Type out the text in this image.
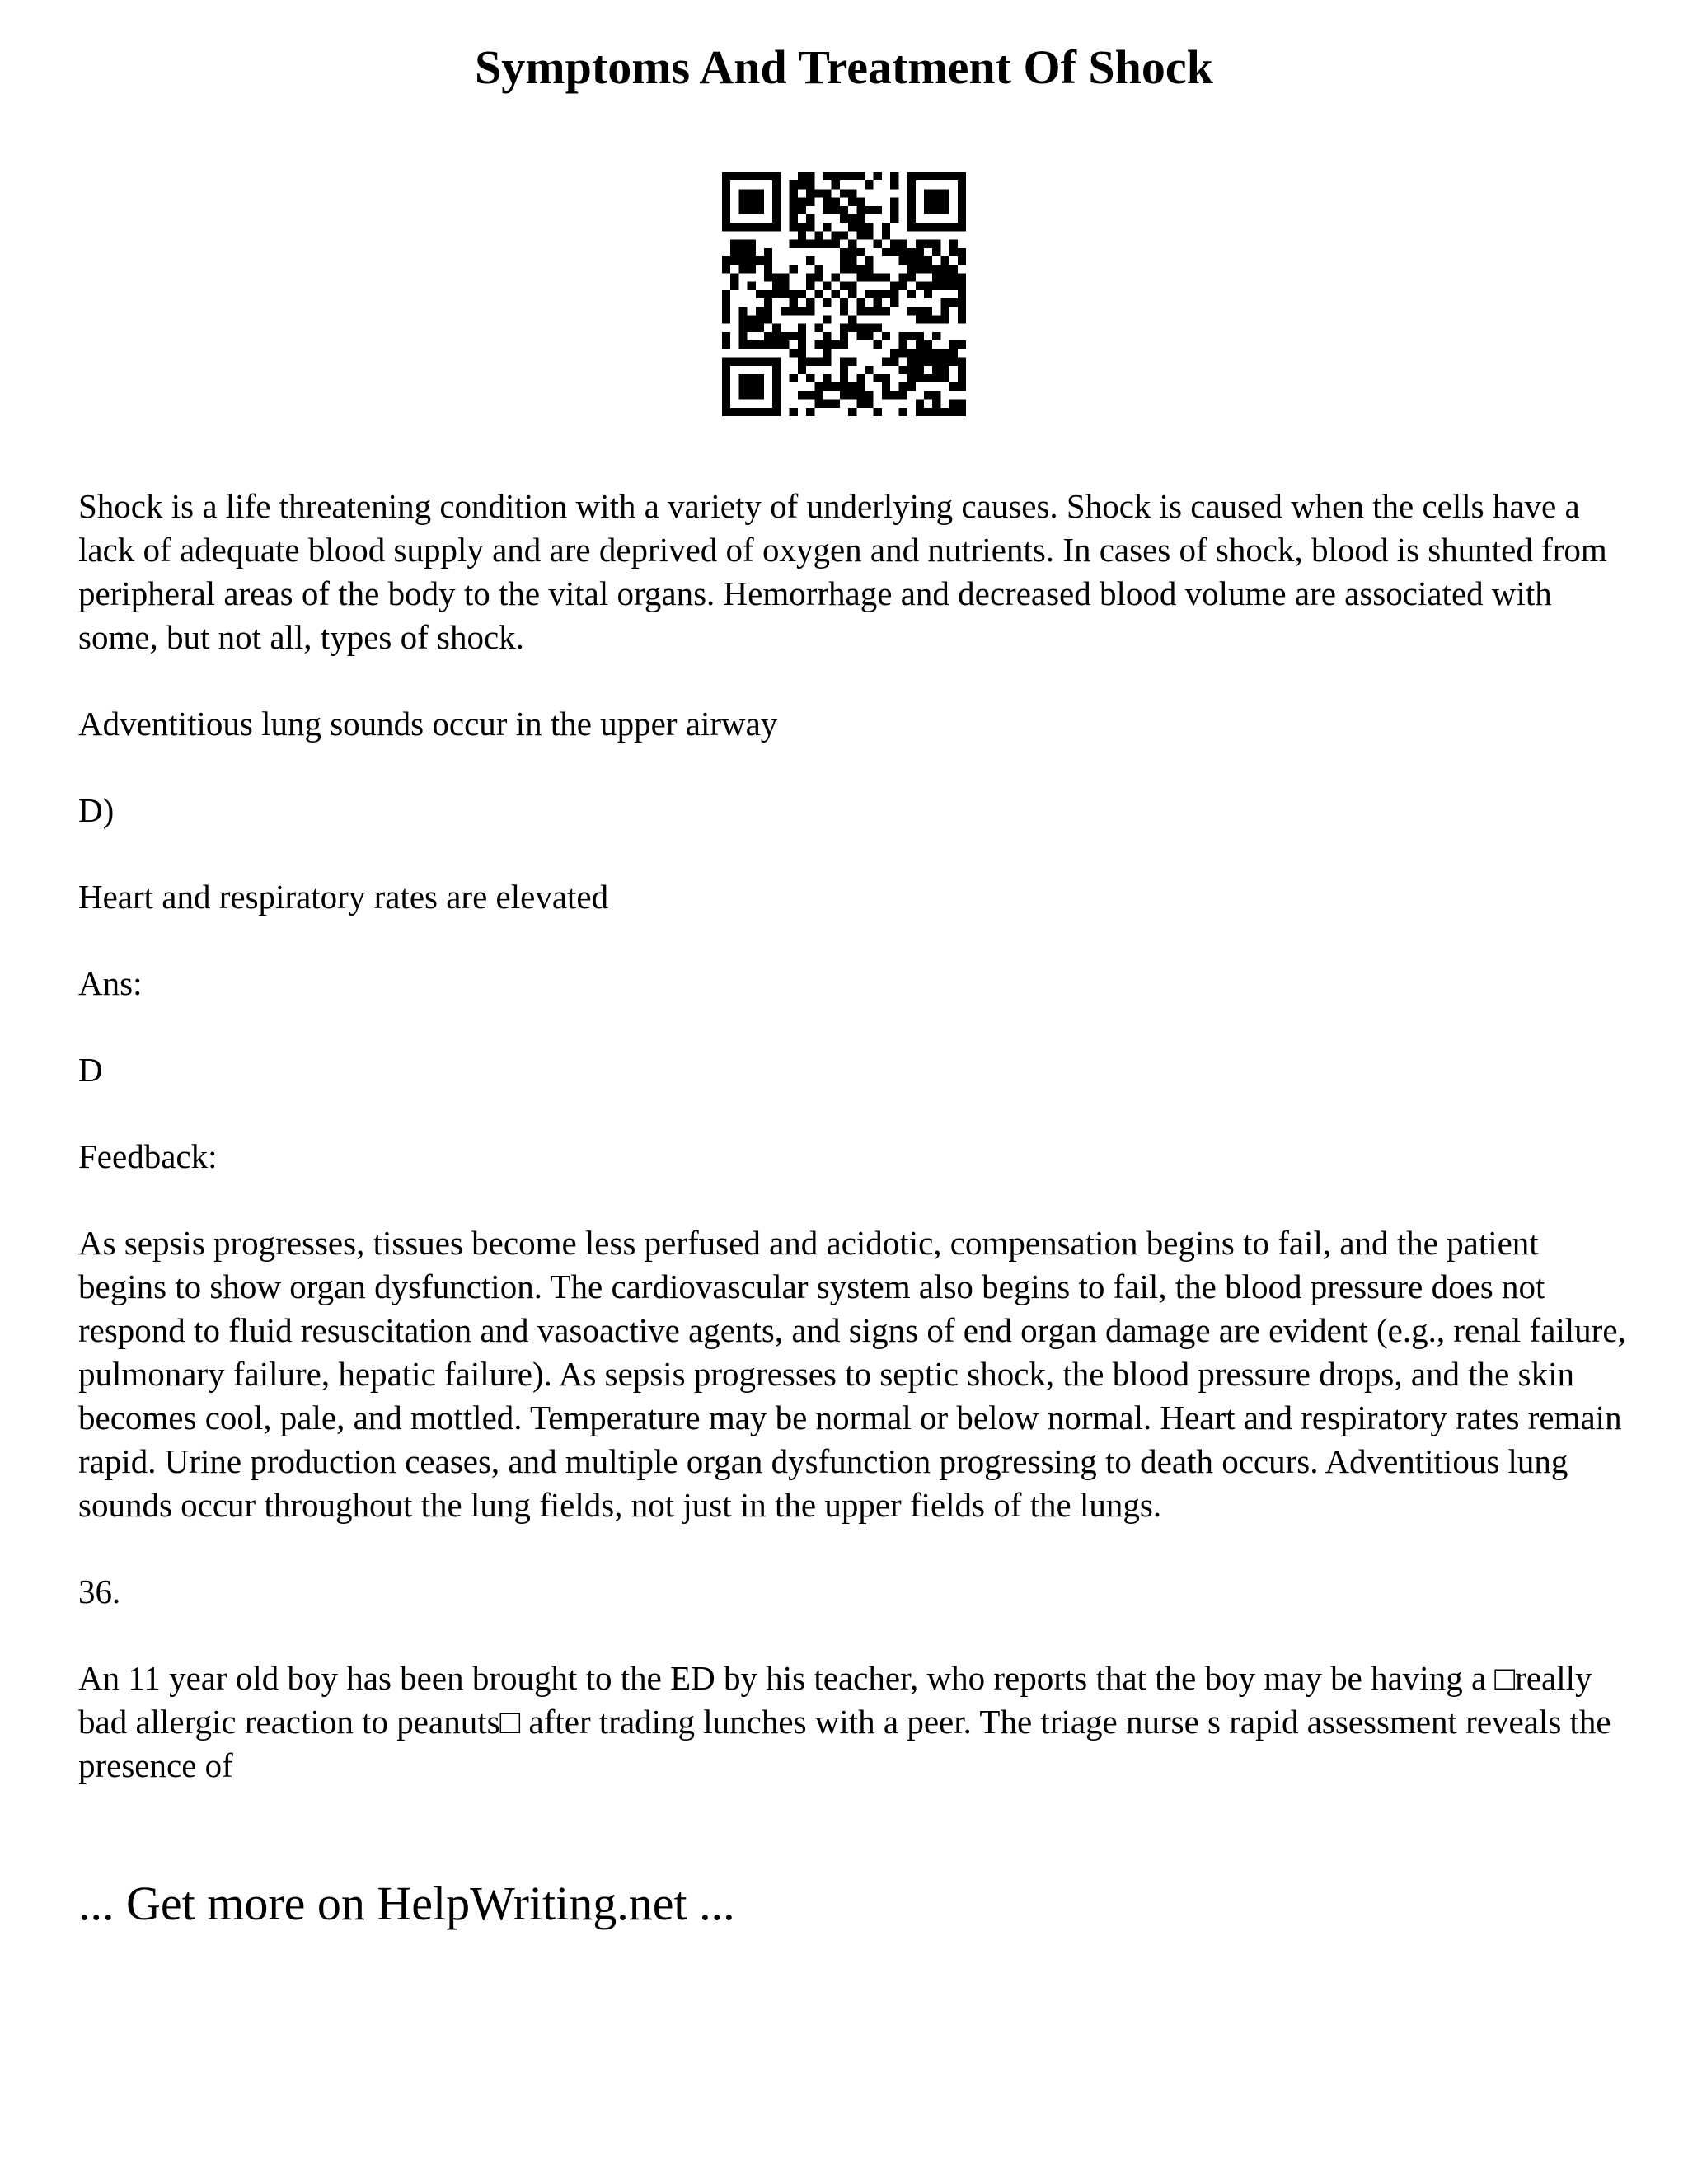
Symptoms And Treatment Of Shock

Shock is a life threatening condition with a variety of underlying causes. Shock is caused when the cells have a lack of adequate blood supply and are deprived of oxygen and nutrients. In cases of shock, blood is shunted from peripheral areas of the body to the vital organs. Hemorrhage and decreased blood volume are associated with some, but not all, types of shock.

Adventitious lung sounds occur in the upper airway

D)

Heart and respiratory rates are elevated

Ans:

D

Feedback:

As sepsis progresses, tissues become less perfused and acidotic, compensation begins to fail, and the patient begins to show organ dysfunction. The cardiovascular system also begins to fail, the blood pressure does not respond to fluid resuscitation and vasoactive agents, and signs of end organ damage are evident (e.g., renal failure, pulmonary failure, hepatic failure). As sepsis progresses to septic shock, the blood pressure drops, and the skin becomes cool, pale, and mottled. Temperature may be normal or below normal. Heart and respiratory rates remain rapid. Urine production ceases, and multiple organ dysfunction progressing to death occurs. Adventitious lung sounds occur throughout the lung fields, not just in the upper fields of the lungs.

36.

An 11 year old boy has been brought to the ED by his teacher, who reports that the boy may be having a □really bad allergic reaction to peanuts□ after trading lunches with a peer. The triage nurse s rapid assessment reveals the presence of

... Get more on HelpWriting.net ...
